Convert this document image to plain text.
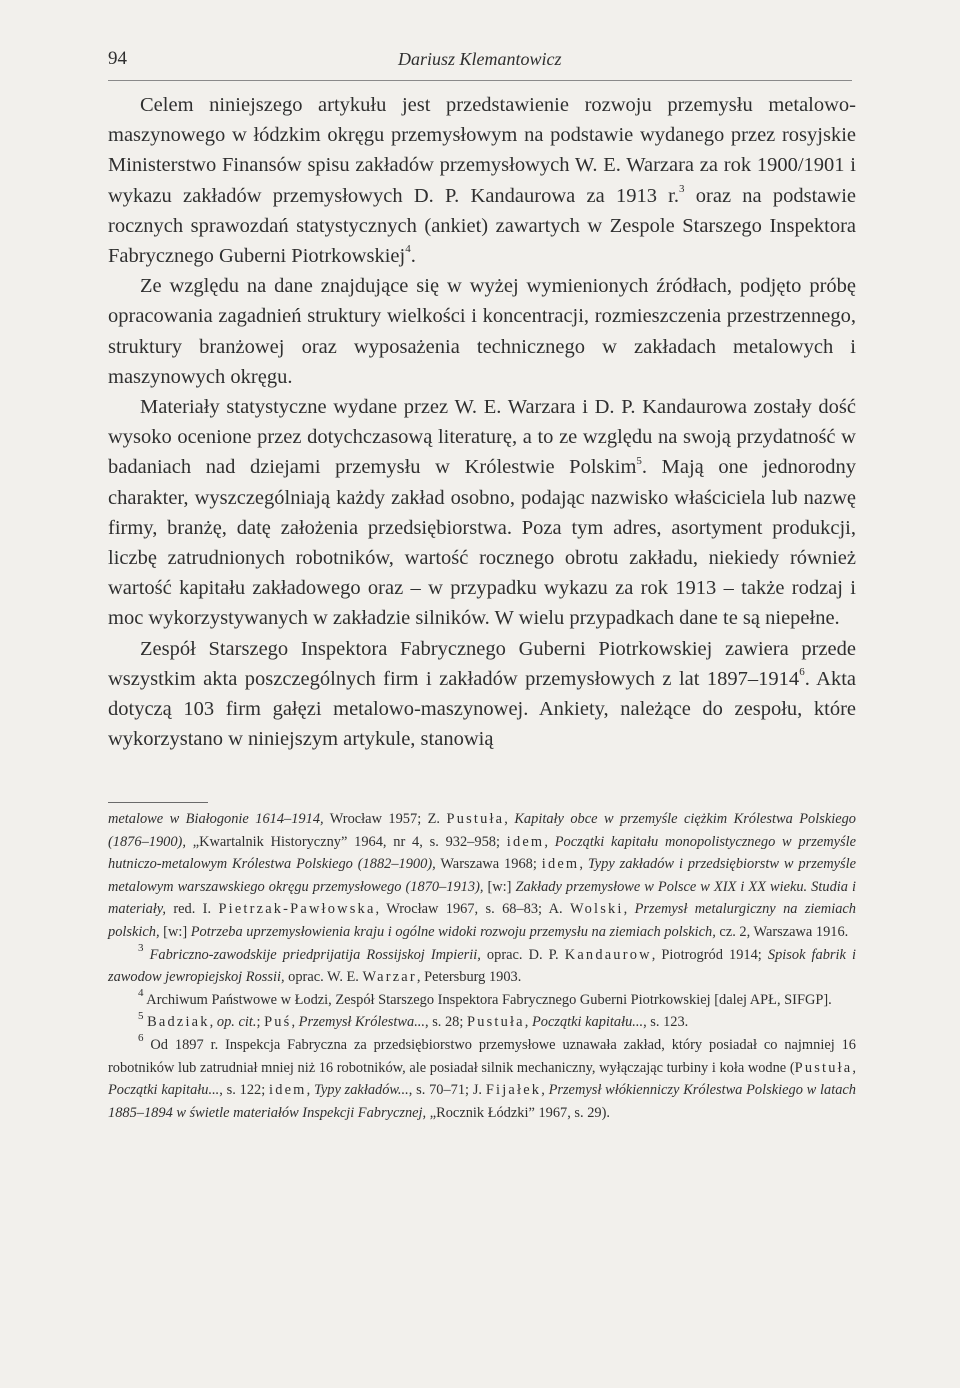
94	Dariusz Klemantowicz

Celem niniejszego artykułu jest przedstawienie rozwoju przemysłu metalowo-maszynowego w łódzkim okręgu przemysłowym na podstawie wydanego przez rosyjskie Ministerstwo Finansów spisu zakładów przemysłowych W. E. Warzara za rok 1900/1901 i wykazu zakładów przemysłowych D. P. Kandaurowa za 1913 r.$^3$ oraz na podstawie rocznych sprawozdań statystycznych (ankiet) zawartych w Zespole Starszego Inspektora Fabrycznego Guberni Piotrkowskiej$^4$.

Ze względu na dane znajdujące się w wyżej wymienionych źródłach, podjęto próbę opracowania zagadnień struktury wielkości i koncentracji, rozmieszczenia przestrzennego, struktury branżowej oraz wyposażenia technicznego w zakładach metalowych i maszynowych okręgu.

Materiały statystyczne wydane przez W. E. Warzara i D. P. Kandaurowa zostały dość wysoko ocenione przez dotychczasową literaturę, a to ze względu na swoją przydatność w badaniach nad dziejami przemysłu w Królestwie Polskim$^5$. Mają one jednorodny charakter, wyszczególniają każdy zakład osobno, podając nazwisko właściciela lub nazwę firmy, branżę, datę założenia przedsiębiorstwa. Poza tym adres, asortyment produkcji, liczbę zatrudnionych robotników, wartość rocznego obrotu zakładu, niekiedy również wartość kapitału zakładowego oraz – w przypadku wykazu za rok 1913 – także rodzaj i moc wykorzystywanych w zakładzie silników. W wielu przypadkach dane te są niepełne.

Zespół Starszego Inspektora Fabrycznego Guberni Piotrkowskiej zawiera przede wszystkim akta poszczególnych firm i zakładów przemysłowych z lat 1897–1914$^6$. Akta dotyczą 103 firm gałęzi metalowo-maszynowej. Ankiety, należące do zespołu, które wykorzystano w niniejszym artykule, stanowią

metalowe w Białogonie 1614–1914, Wrocław 1957; Z. Pustuła, Kapitały obce w przemyśle ciężkim Królestwa Polskiego (1876–1900), „Kwartalnik Historyczny” 1964, nr 4, s. 932–958; idem, Początki kapitału monopolistycznego w przemyśle hutniczo-metalowym Królestwa Polskiego (1882–1900), Warszawa 1968; idem, Typy zakładów i przedsiębiorstw w przemyśle metalowym warszawskiego okręgu przemysłowego (1870–1913), [w:] Zakłady przemysłowe w Polsce w XIX i XX wieku. Studia i materiały, red. I. Pietrzak-Pawłowska, Wrocław 1967, s. 68–83; A. Wolski, Przemysł metalurgiczny na ziemiach polskich, [w:] Potrzeba uprzemysłowienia kraju i ogólne widoki rozwoju przemysłu na ziemiach polskich, cz. 2, Warszawa 1916.

$^3$ Fabriczno-zawodskije priedprijatija Rossijskoj Impierii, oprac. D. P. Kandaurow, Piotrogród 1914; Spisok fabrik i zawodow jewropiejskoj Rossii, oprac. W. E. Warzar, Petersburg 1903.

$^4$ Archiwum Państwowe w Łodzi, Zespół Starszego Inspektora Fabrycznego Guberni Piotrkowskiej [dalej APŁ, SIFGP].

$^5$ Badziak, op. cit.; Puś, Przemysł Królestwa..., s. 28; Pustuła, Początki kapitału..., s. 123.

$^6$ Od 1897 r. Inspekcja Fabryczna za przedsiębiorstwo przemysłowe uznawała zakład, który posiadał co najmniej 16 robotników lub zatrudniał mniej niż 16 robotników, ale posiadał silnik mechaniczny, wyłączając turbiny i koła wodne (Pustuła, Początki kapitału..., s. 122; idem, Typy zakładów..., s. 70–71; J. Fijałek, Przemysł włókienniczy Królestwa Polskiego w latach 1885–1894 w świetle materiałów Inspekcji Fabrycznej, „Rocznik Łódzki” 1967, s. 29).
